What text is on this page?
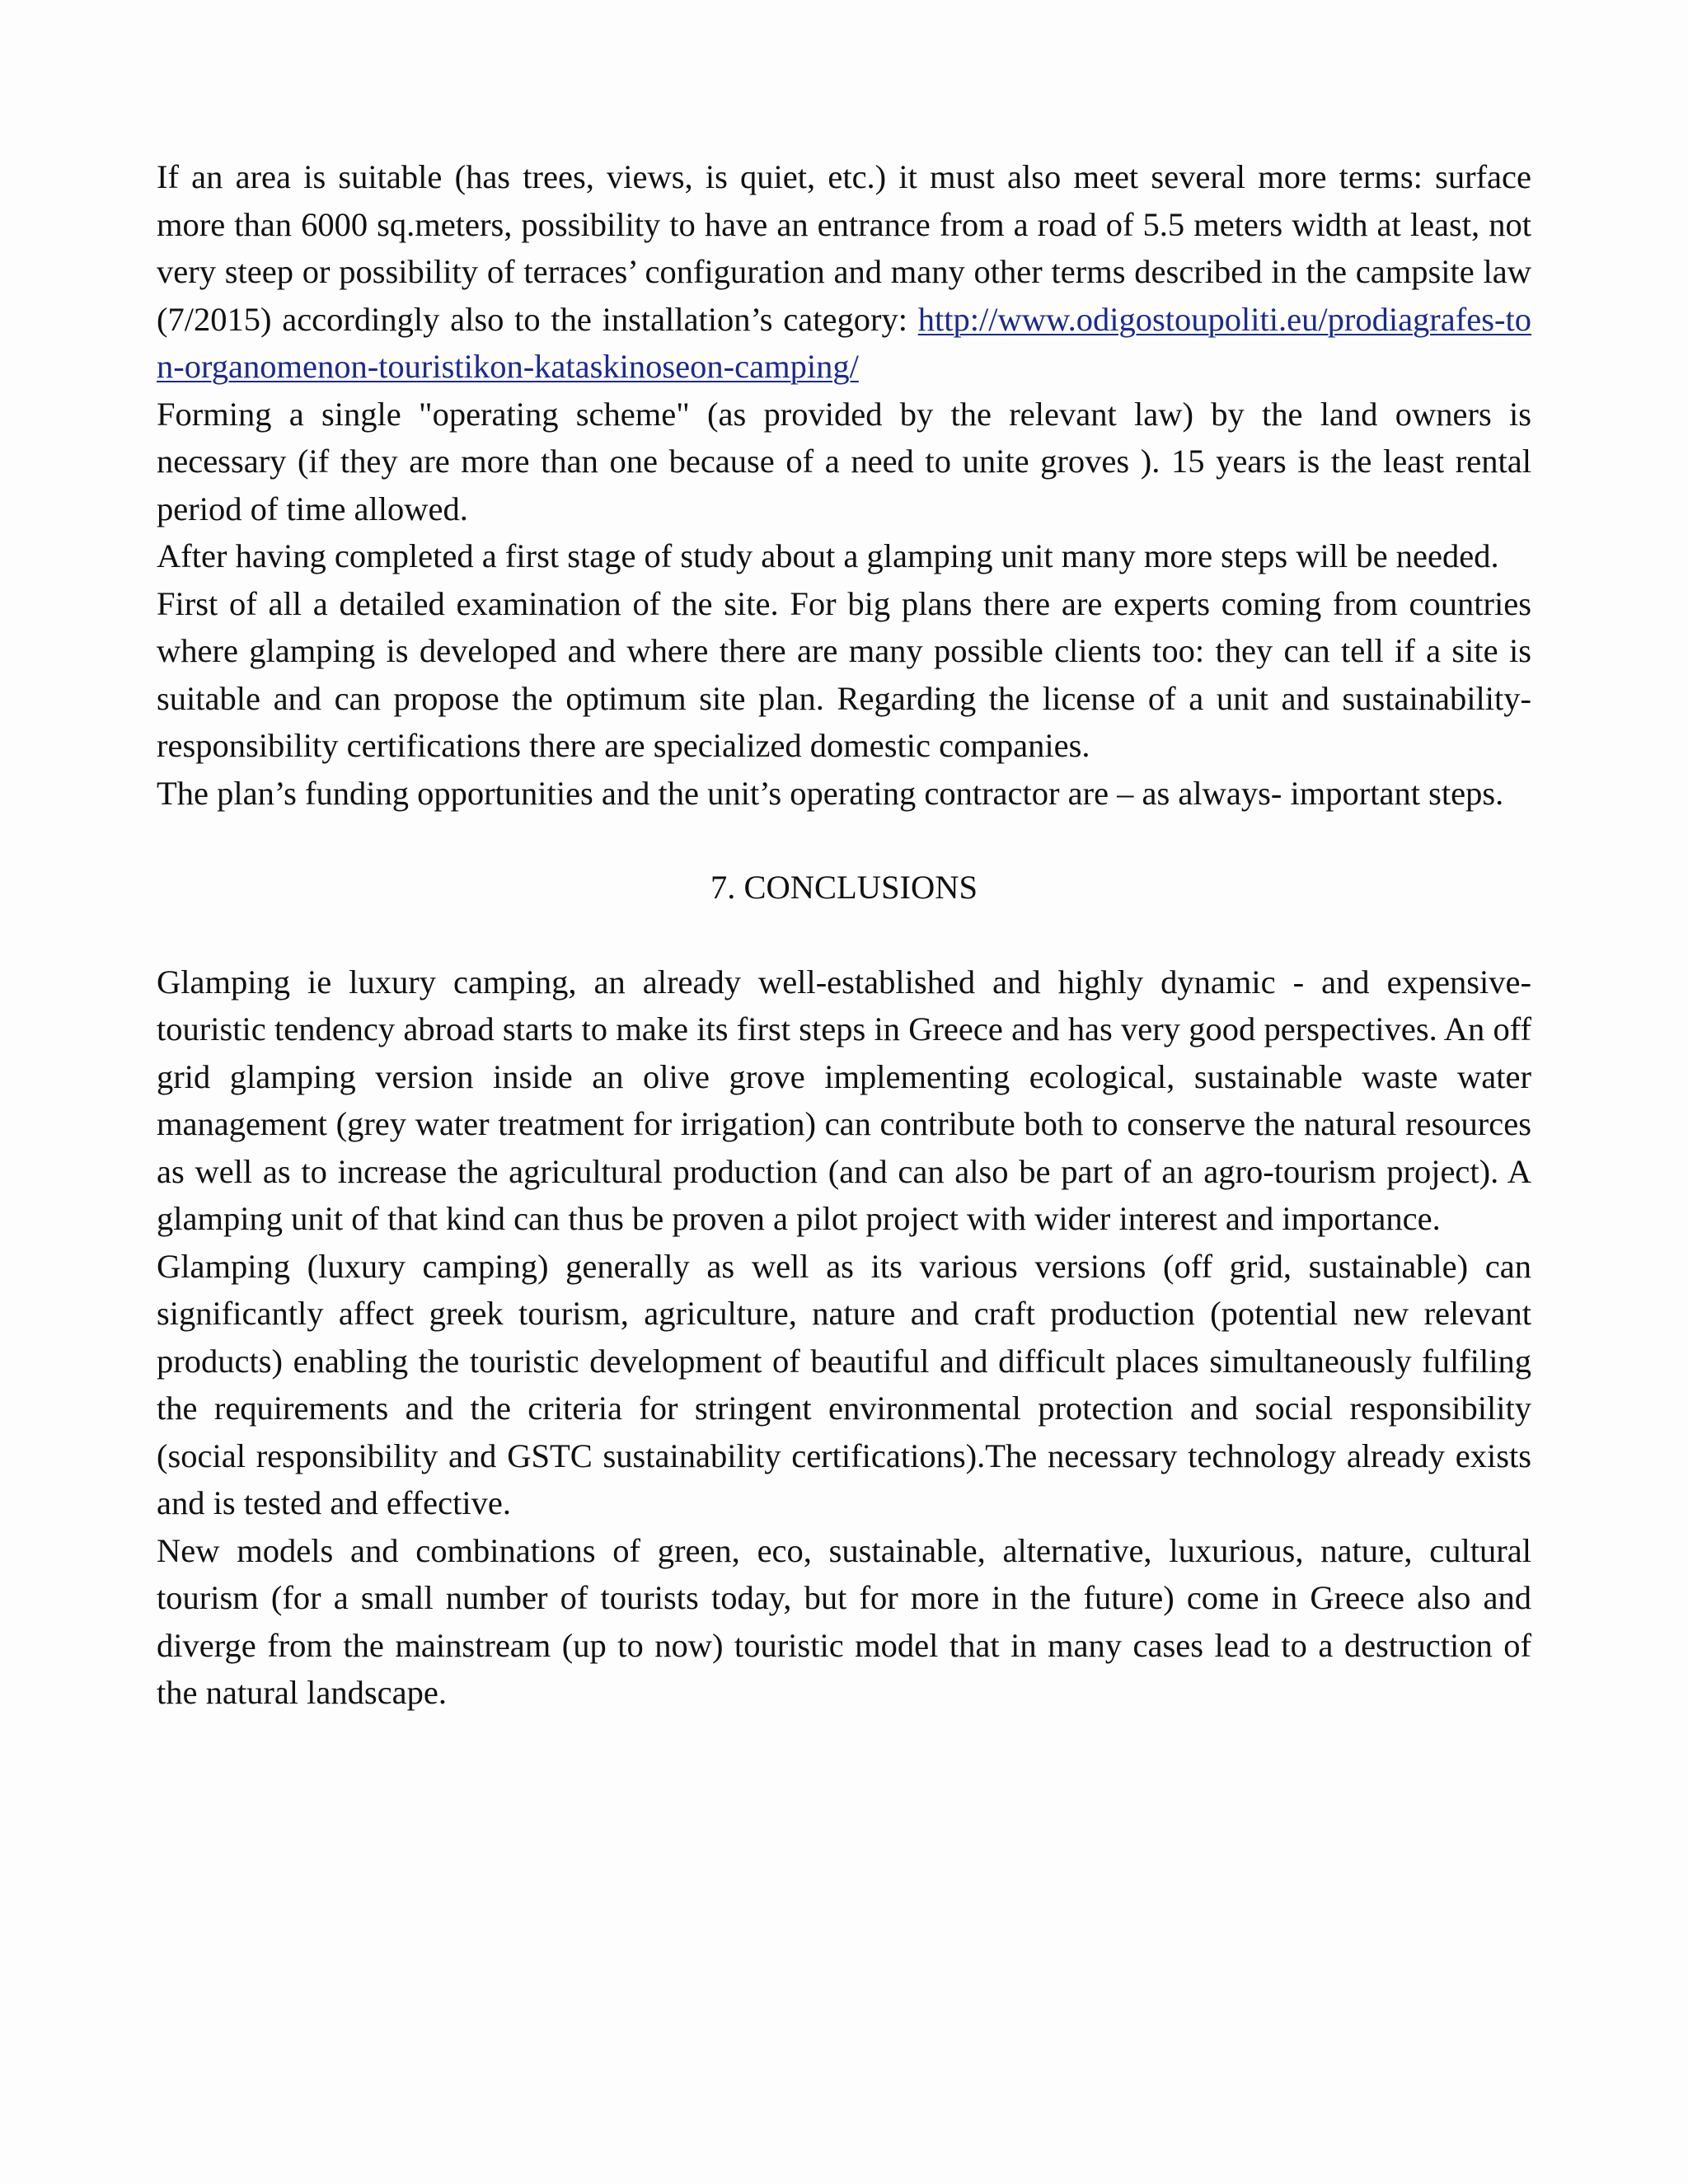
If an area is suitable (has trees, views, is quiet, etc.) it must also meet several more terms: surface more than 6000 sq.meters, possibility to have an entrance from a road of 5.5 meters width at least, not very steep or possibility of terraces’ configuration and many other terms described in the campsite law (7/2015) accordingly also to the installation’s category: http://www.odigostoupoliti.eu/prodiagrafes-ton-organomenon-touristikon-kataskinoseon-camping/

Forming a single "operating scheme" (as provided by the relevant law) by the land owners is necessary (if they are more than one because of a need to unite groves ). 15 years is the least rental period of time allowed.

After having completed a first stage of study about a glamping unit many more steps will be needed.

First of all a detailed examination of the site. For big plans there are experts coming from countries where glamping is developed and where there are many possible clients too: they can tell if a site is suitable and can propose the optimum site plan. Regarding the license of a unit and sustainability-responsibility certifications there are specialized domestic companies.

The plan’s funding opportunities and the unit’s operating contractor are – as always- important steps.

7. CONCLUSIONS

Glamping ie luxury camping, an already well-established and highly dynamic - and expensive-touristic tendency abroad starts to make its first steps in Greece and has very good perspectives. An off grid glamping version inside an olive grove implementing ecological, sustainable waste water management (grey water treatment for irrigation) can contribute both to conserve the natural resources as well as to increase the agricultural production (and can also be part of an agro-tourism project). A glamping unit of that kind can thus be proven a pilot project with wider interest and importance.

Glamping (luxury camping) generally as well as its various versions (off grid, sustainable) can significantly affect greek tourism, agriculture, nature and craft production (potential new relevant products) enabling the touristic development of beautiful and difficult places simultaneously fulfiling the requirements and the criteria for stringent environmental protection and social responsibility (social responsibility and GSTC sustainability certifications).The necessary technology already exists and is tested and effective.

New models and combinations of green, eco, sustainable, alternative, luxurious, nature, cultural tourism (for a small number of tourists today, but for more in the future) come in Greece also and diverge from the mainstream (up to now) touristic model that in many cases lead to a destruction of the natural landscape.
